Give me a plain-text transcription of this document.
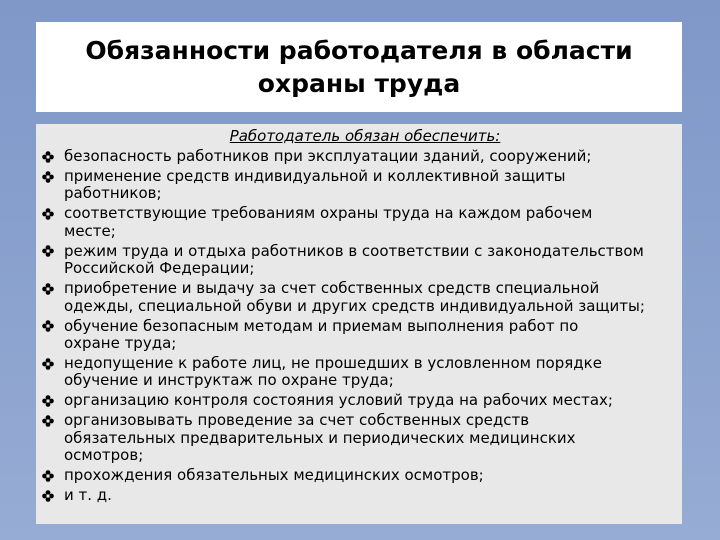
Обязанности работодателя в области
охраны труда
Работодатель обязан обеспечить:
безопасность работников при эксплуатации зданий, сооружений;
применение средств индивидуальной и коллективной защиты
работников;
соответствующие требованиям охраны труда на каждом рабочем
месте;
режим труда и отдыха работников в соответствии с законодательством
Российской Федерации;
приобретение и выдачу за счет собственных средств специальной
одежды, специальной обуви и других средств индивидуальной защиты;
обучение безопасным методам и приемам выполнения работ по
охране труда;
недопущение к работе лиц, не прошедших в условленном порядке
обучение и инструктаж по охране труда;
организацию контроля состояния условий труда на рабочих местах;
организовывать проведение за счет собственных средств
обязательных предварительных и периодических медицинских
осмотров;
прохождения обязательных медицинских осмотров;
и т. д.
